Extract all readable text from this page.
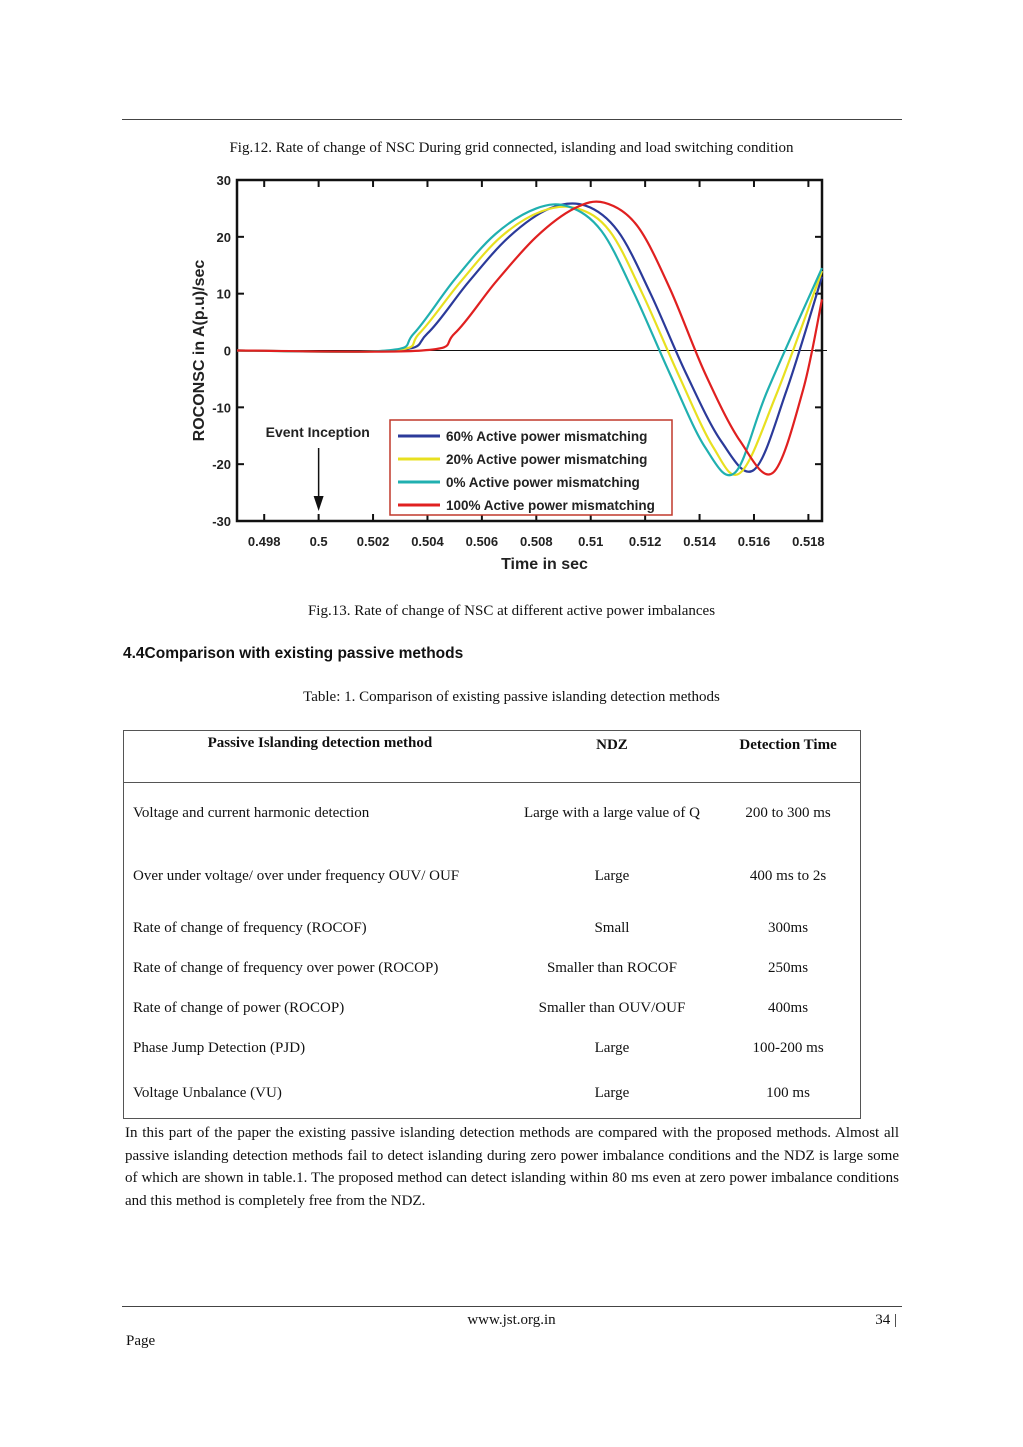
Fig.12. Rate of change of NSC During grid connected, islanding and load switching condition
30
20
10
0
-10
-20
-30
0.498 0.5 0.502 0.504 0.506 0.508 0.51 0.512 0.514 0.516 0.518
Time in sec
ROCONSC in A(p.u)/sec	Event Inception	60% Active power mismatching
20% Active power mismatching
0% Active power mismatching
100% Active power mismatching
Fig.13. Rate of change of NSC at different active power imbalances
4.4Comparison with existing passive methods
Table: 1. Comparison of existing passive islanding detection methods
Passive Islanding detection method	NDZ	Detection Time
Voltage and current harmonic detection	Large with a large value of Q	200 to 300 ms
Over under voltage/ over under frequency OUV/ OUF	Large	400 ms to 2s
Rate of change of frequency (ROCOF)	Small	300ms
Rate of change of frequency over power (ROCOP)	Smaller than ROCOF	250ms
Rate of change of power (ROCOP)	Smaller than OUV/OUF	400ms
Phase Jump Detection (PJD)	Large	100-200 ms
Voltage Unbalance (VU)	Large	100 ms
In this part of the paper the existing passive islanding detection methods are compared with the proposed methods. Almost all passive islanding detection methods fail to detect islanding during zero power imbalance conditions and the NDZ is large some of which are shown in table.1. The proposed method can detect islanding within 80 ms even at zero power imbalance conditions and this method is completely free from the NDZ.
www.jst.org.in	34 |
Page
